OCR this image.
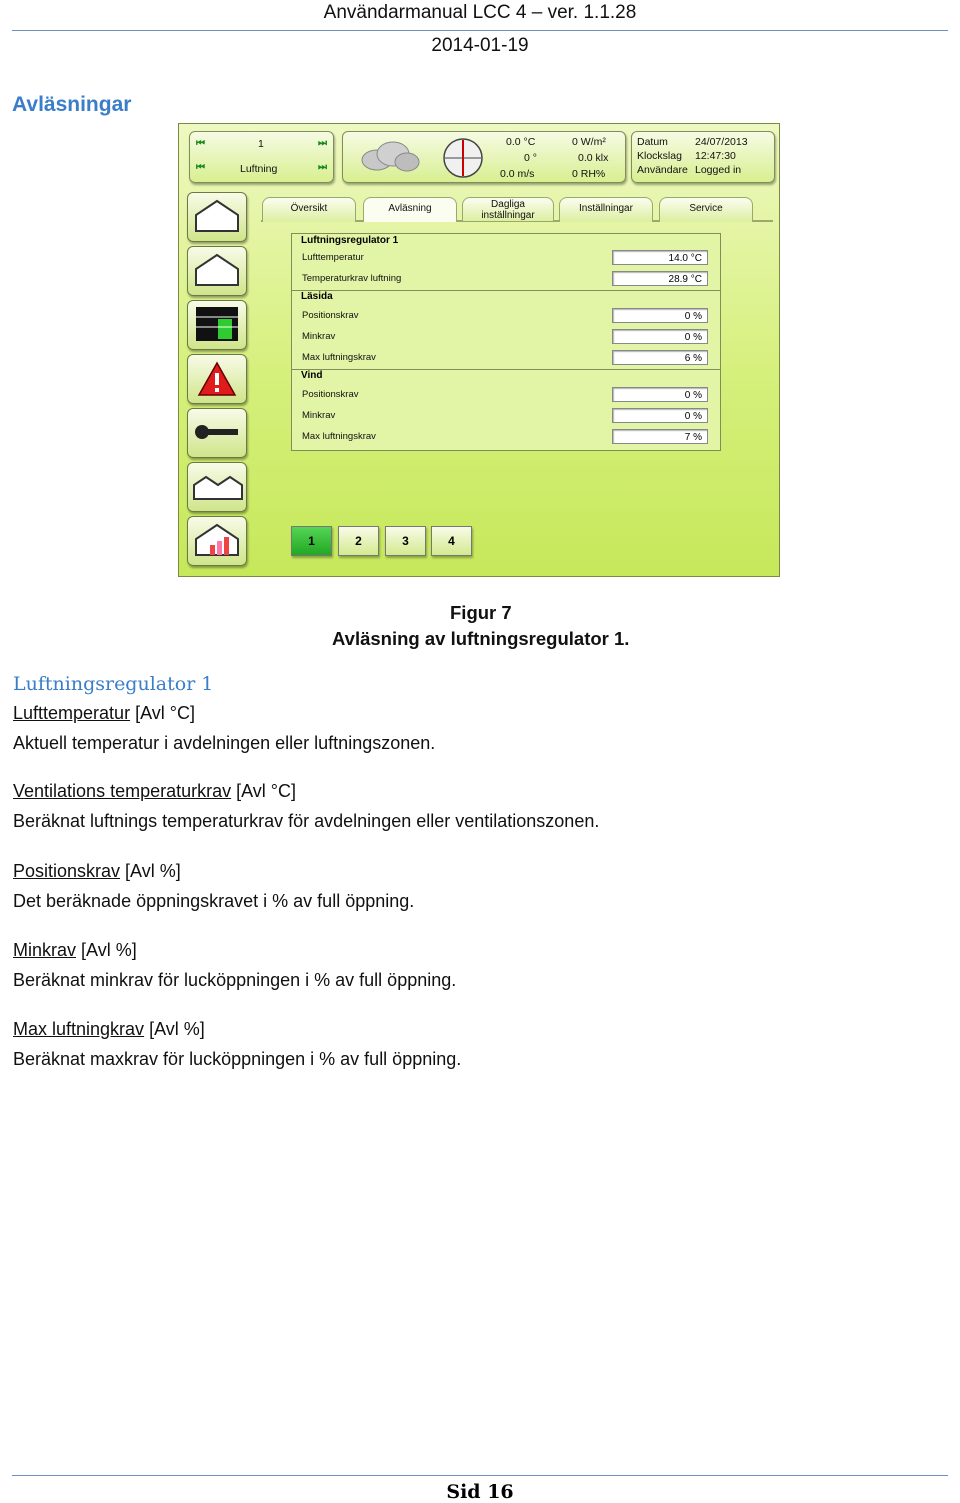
Användarmanual LCC 4 – ver. 1.1.28
2014-01-19
Avläsningar
⏮	⏭
1
⏮	⏭
Luftning
0.0 °C
0 °
0.0 m/s
0 W/m²
0.0 klx
0 RH%
Datum	24/07/2013
Klockslag 12:47:30
Användare Logged in
Översikt	Avläsning	Dagliga inställningar
Inställningar	Service
Luftningsregulator 1
Lufttemperatur	14.0 °C
Temperaturkrav luftning	28.9 °C
Läsida
Positionskrav	0 %
Minkrav	0 %
Max luftningskrav	6 %
Vind
Positionskrav	0 %
Minkrav	0 %
Max luftningskrav	7 %
1	2	3	4
Figur 7
Avläsning av luftningsregulator 1.
Luftningsregulator 1
Lufttemperatur [Avl °C]
Aktuell temperatur i avdelningen eller luftningszonen.
Ventilations temperaturkrav [Avl °C]
Beräknat luftnings temperaturkrav för avdelningen eller ventilationszonen.
Positionskrav [Avl %]
Det beräknade öppningskravet i % av full öppning.
Minkrav [Avl %]
Beräknat minkrav för lucköppningen i % av full öppning.
Max luftningkrav [Avl %]
Beräknat maxkrav för lucköppningen i % av full öppning.
Sid 16
